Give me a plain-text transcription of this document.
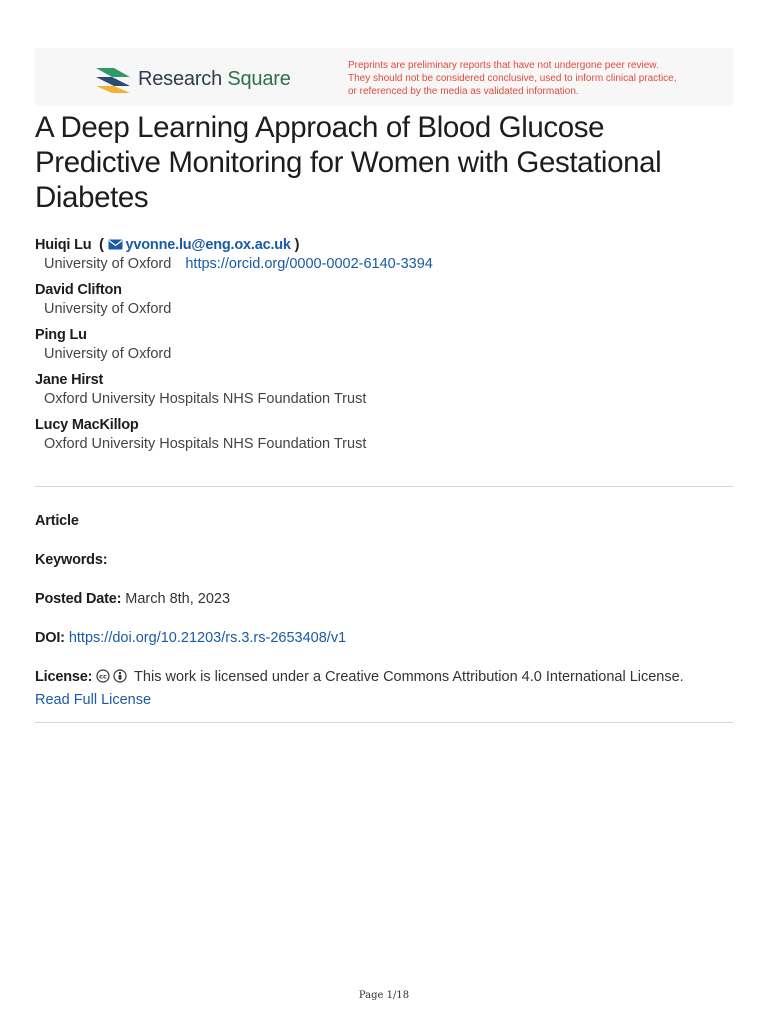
Research Square
Preprints are preliminary reports that have not undergone peer review.
They should not be considered conclusive, used to inform clinical practice,
or referenced by the media as validated information.
A Deep Learning Approach of Blood Glucose Predictive Monitoring for Women with Gestational Diabetes
Huiqi Lu ( yvonne.lu@eng.ox.ac.uk )
University of Oxford https://orcid.org/0000-0002-6140-3394
David Clifton
University of Oxford
Ping Lu
University of Oxford
Jane Hirst
Oxford University Hospitals NHS Foundation Trust
Lucy MacKillop
Oxford University Hospitals NHS Foundation Trust
Article
Keywords:
Posted Date: March 8th, 2023
DOI: https://doi.org/10.21203/rs.3.rs-2653408/v1
License: cc This work is licensed under a Creative Commons Attribution 4.0 International License.
Read Full License
Page 1/18
